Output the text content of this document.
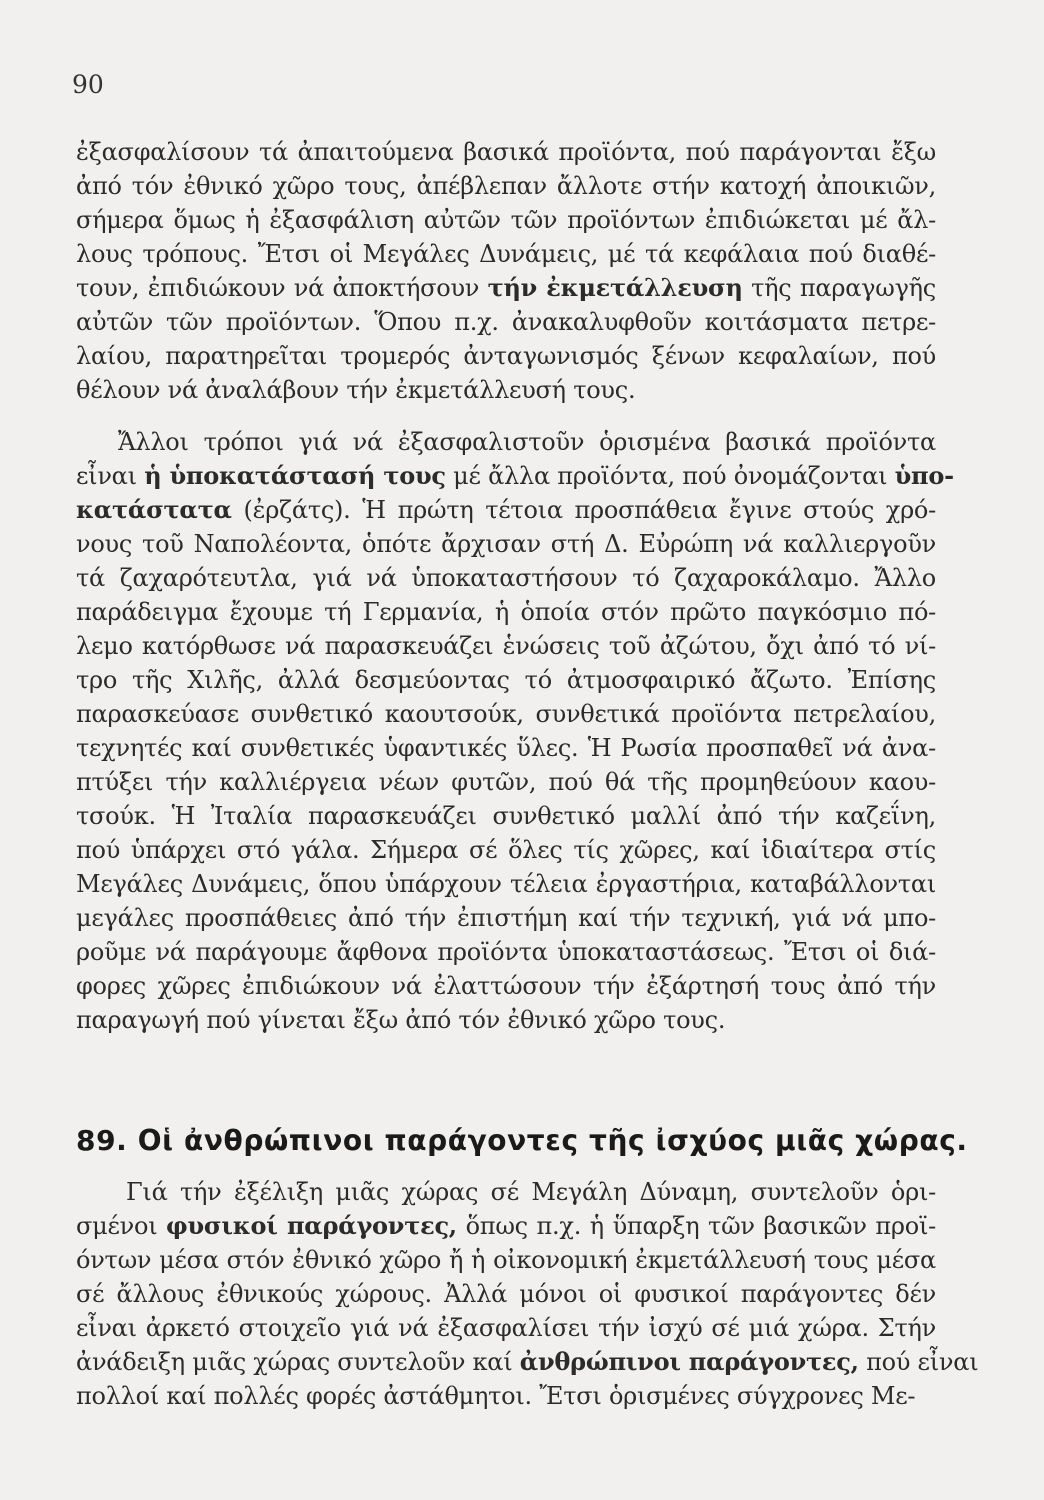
90
ἐξασφαλίσουν τά ἀπαιτούμενα βασικά προϊόντα, πού παράγονται ἔξω
ἀπό τόν ἐθνικό χῶρο τους, ἀπέβλεπαν ἄλλοτε στήν κατοχή ἀποικιῶν,
σήμερα ὅμως ἡ ἐξασφάλιση αὐτῶν τῶν προϊόντων ἐπιδιώκεται μέ ἄλ-
λους τρόπους. Ἔτσι οἱ Μεγάλες Δυνάμεις, μέ τά κεφάλαια πού διαθέ-
τουν, ἐπιδιώκουν νά ἀποκτήσουν τήν ἐκμετάλλευση τῆς παραγωγῆς
αὐτῶν τῶν προϊόντων. Ὅπου π.χ. ἀνακαλυφθοῦν κοιτάσματα πετρε-
λαίου, παρατηρεῖται τρομερός ἀνταγωνισμός ξένων κεφαλαίων, πού
θέλουν νά ἀναλάβουν τήν ἐκμετάλλευσή τους.
Ἄλλοι τρόποι γιά νά ἐξασφαλιστοῦν ὁρισμένα βασικά προϊόντα
εἶναι ἡ ὑποκατάστασή τους μέ ἄλλα προϊόντα, πού ὀνομάζονται ὑπο-
κατάστατα (ἐρζάτς). Ἡ πρώτη τέτοια προσπάθεια ἔγινε στούς χρό-
νους τοῦ Ναπολέοντα, ὁπότε ἄρχισαν στή Δ. Εὐρώπη νά καλλιεργοῦν
τά ζαχαρότευτλα, γιά νά ὑποκαταστήσουν τό ζαχαροκάλαμο. Ἄλλο
παράδειγμα ἔχουμε τή Γερμανία, ἡ ὁποία στόν πρῶτο παγκόσμιο πό-
λεμο κατόρθωσε νά παρασκευάζει ἑνώσεις τοῦ ἀζώτου, ὄχι ἀπό τό νί-
τρο τῆς Χιλῆς, ἀλλά δεσμεύοντας τό ἀτμοσφαιρικό ἄζωτο. Ἐπίσης
παρασκεύασε συνθετικό καουτσούκ, συνθετικά προϊόντα πετρελαίου,
τεχνητές καί συνθετικές ὑφαντικές ὕλες. Ἡ Ρωσία προσπαθεῖ νά ἀνα-
πτύξει τήν καλλιέργεια νέων φυτῶν, πού θά τῆς προμηθεύουν καου-
τσούκ. Ἡ Ἰταλία παρασκευάζει συνθετικό μαλλί ἀπό τήν καζεΐνη,
πού ὑπάρχει στό γάλα. Σήμερα σέ ὅλες τίς χῶρες, καί ἰδιαίτερα στίς
Μεγάλες Δυνάμεις, ὅπου ὑπάρχουν τέλεια ἐργαστήρια, καταβάλλονται
μεγάλες προσπάθειες ἀπό τήν ἐπιστήμη καί τήν τεχνική, γιά νά μπο-
ροῦμε νά παράγουμε ἄφθονα προϊόντα ὑποκαταστάσεως. Ἔτσι οἱ διά-
φορες χῶρες ἐπιδιώκουν νά ἐλαττώσουν τήν ἐξάρτησή τους ἀπό τήν
παραγωγή πού γίνεται ἔξω ἀπό τόν ἐθνικό χῶρο τους.
89. Οἱ ἀνθρώπινοι παράγοντες τῆς ἰσχύος μιᾶς χώρας.
Γιά τήν ἐξέλιξη μιᾶς χώρας σέ Μεγάλη Δύναμη, συντελοῦν ὁρι-
σμένοι φυσικοί παράγοντες, ὅπως π.χ. ἡ ὕπαρξη τῶν βασικῶν προϊ-
όντων μέσα στόν ἐθνικό χῶρο ἤ ἡ οἰκονομική ἐκμετάλλευσή τους μέσα
σέ ἄλλους ἐθνικούς χώρους. Ἀλλά μόνοι οἱ φυσικοί παράγοντες δέν
εἶναι ἀρκετό στοιχεῖο γιά νά ἐξασφαλίσει τήν ἰσχύ σέ μιά χώρα. Στήν
ἀνάδειξη μιᾶς χώρας συντελοῦν καί ἀνθρώπινοι παράγοντες, πού εἶναι
πολλοί καί πολλές φορές ἀστάθμητοι. Ἔτσι ὁρισμένες σύγχρονες Με-
